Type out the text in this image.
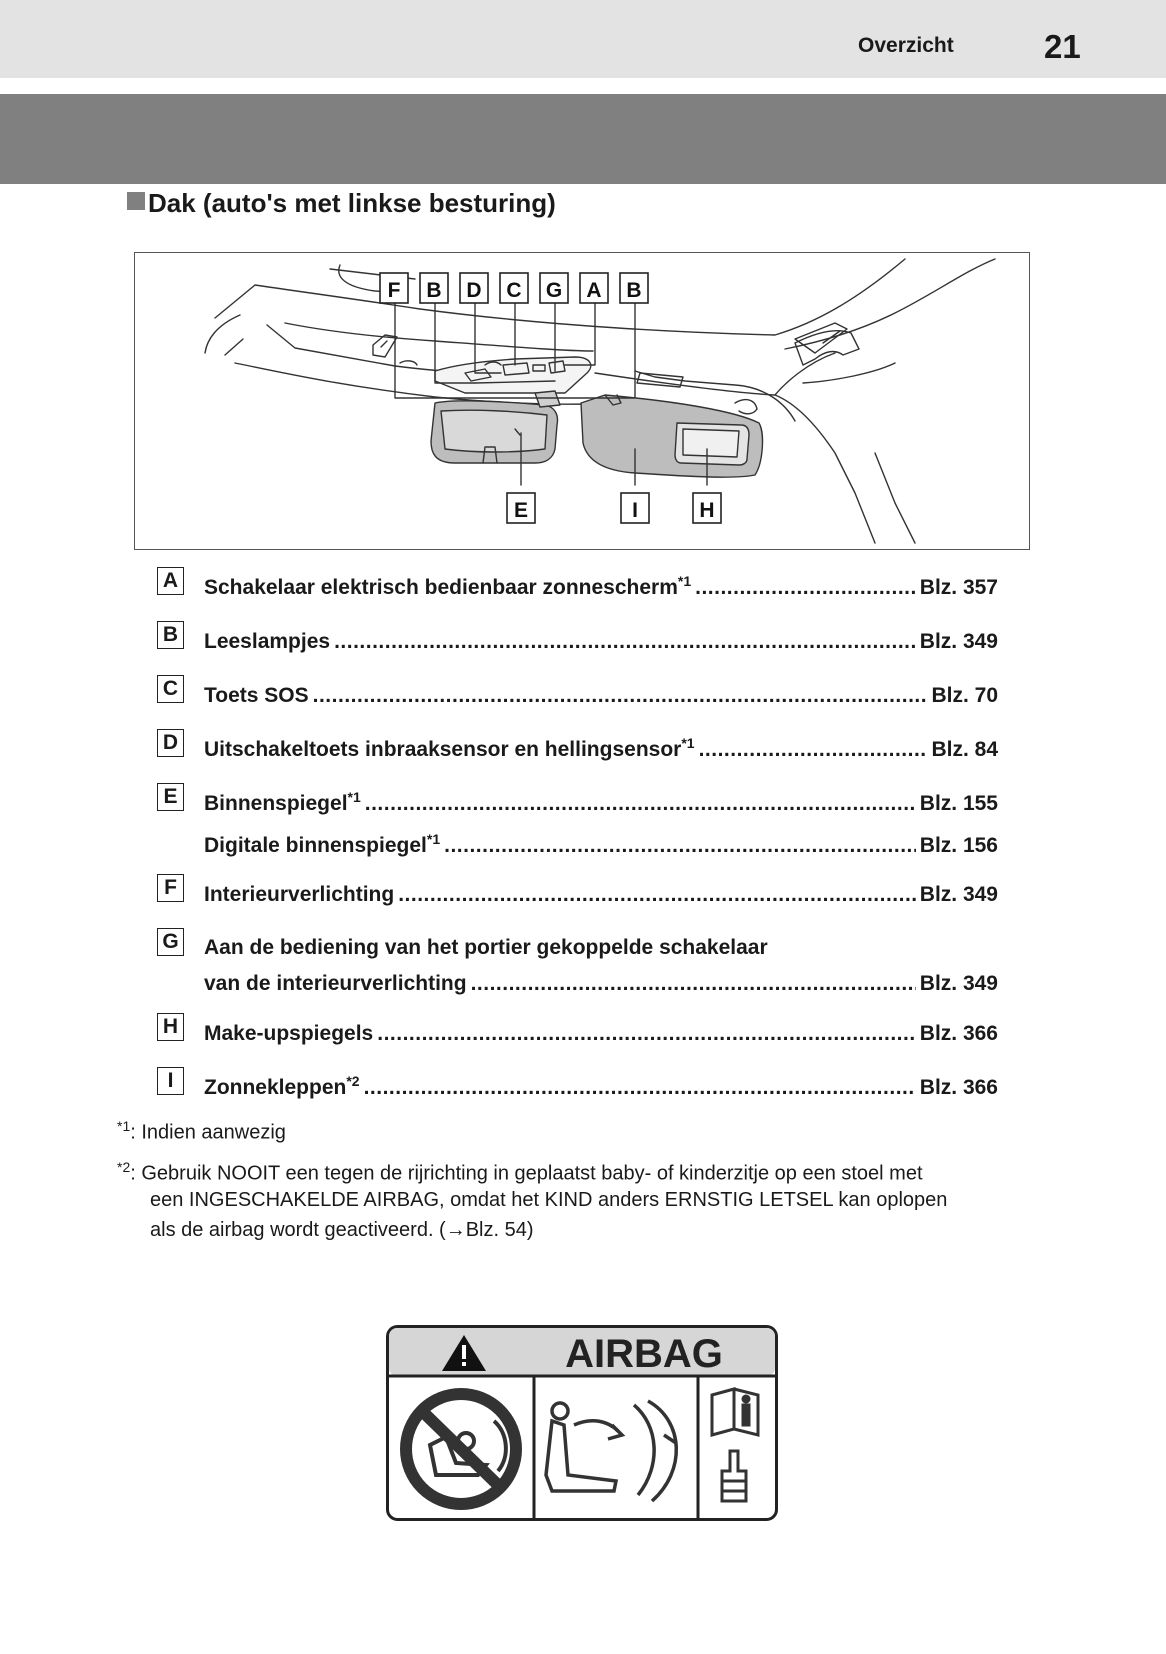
Overzicht	21
Dak (auto's met linkse besturing)
F B D C G A B
E	I	H
A Schakelaar elektrisch bedienbaar zonnescherm$^{*1}$ .....	Blz. 357
B Leeslampjes .....	Blz. 349
C Toets SOS .....	Blz. 70
D Uitschakeltoets inbraaksensor en hellingsensor$^{*1}$ .....	Blz. 84
E	Binnenspiegel$^{*1}$ .....	Blz. 155
Digitale binnenspiegel$^{*1}$ .....	Blz. 156
F	Interieurverlichting .....	Blz. 349
G Aan de bediening van het portier gekoppelde schakelaar
van de interieurverlichting .....	Blz. 349
H Make-upspiegels .....	Blz. 366
I	Zonnekleppen$^{*2}$ .....	Blz. 366
$^{*1}$: Indien aanwezig
$^{*2}$: Gebruik NOOIT een tegen de rijrichting in geplaatst baby- of kinderzitje op een stoel met
een INGESCHAKELDE AIRBAG, omdat het KIND anders ERNSTIG LETSEL kan oplopen
als de airbag wordt geactiveerd. (→Blz. 54)
AIRBAG
